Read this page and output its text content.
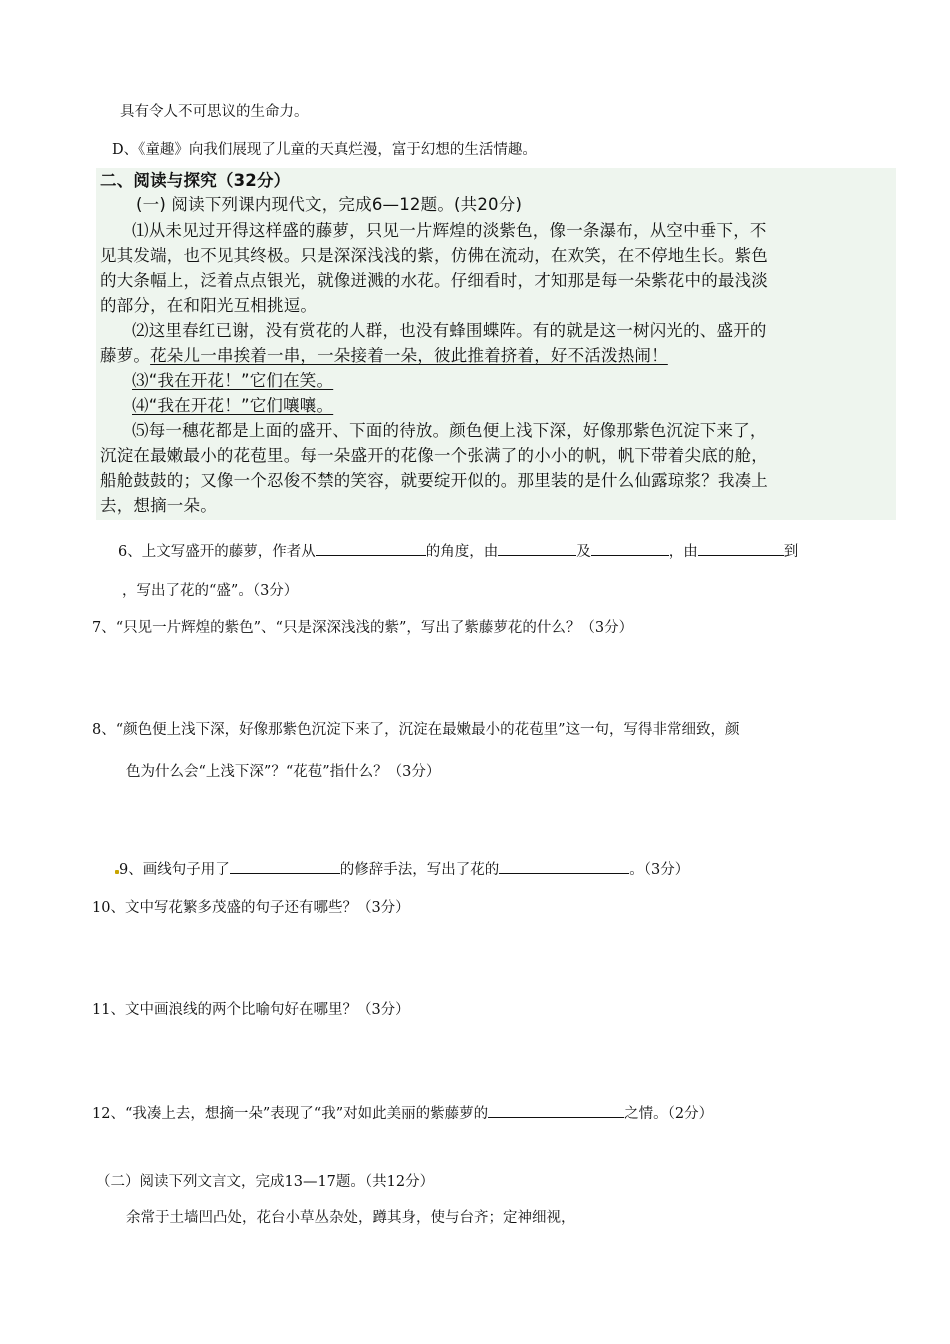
具有令人不可思议的生命力。
D、《童趣》向我们展现了儿童的天真烂漫，富于幻想的生活情趣。
二、阅读与探究（32分）
(一) 阅读下列课内现代文，完成6—12题。(共20分)
⑴从未见过开得这样盛的藤萝，只见一片辉煌的淡紫色，像一条瀑布，从空中垂下，不
见其发端，也不见其终极。只是深深浅浅的紫，仿佛在流动，在欢笑，在不停地生长。紫色
的大条幅上，泛着点点银光，就像迸溅的水花。仔细看时，才知那是每一朵紫花中的最浅淡
的部分，在和阳光互相挑逗。
⑵这里春红已谢，没有赏花的人群，也没有蜂围蝶阵。有的就是这一树闪光的、盛开的
藤萝。花朵儿一串挨着一串，一朵接着一朵，彼此推着挤着，好不活泼热闹！
⑶“我在开花！”它们在笑。
⑷“我在开花！”它们嚷嚷。
⑸每一穗花都是上面的盛开、下面的待放。颜色便上浅下深，好像那紫色沉淀下来了，
沉淀在最嫩最小的花苞里。每一朵盛开的花像一个张满了的小小的帆，帆下带着尖底的舱，
船舱鼓鼓的；又像一个忍俊不禁的笑容，就要绽开似的。那里装的是什么仙露琼浆？我凑上
去，想摘一朵。
6、上文写盛开的藤萝，作者从	的角度，由	及	，由	到
，写出了花的“盛”。（3分）
7、“只见一片辉煌的紫色”、“只是深深浅浅的紫”，写出了紫藤萝花的什么？（3分）
8、“颜色便上浅下深，好像那紫色沉淀下来了，沉淀在最嫩最小的花苞里”这一句，写得非常细致，颜
色为什么会“上浅下深”？“花苞”指什么？（3分）
9、画线句子用了	的修辞手法，写出了花的	。（3分）
10、文中写花繁多茂盛的句子还有哪些？（3分）
11、文中画浪线的两个比喻句好在哪里？（3分）
12、“我凑上去，想摘一朵”表现了“我”对如此美丽的紫藤萝的	之情。（2分）
（二）阅读下列文言文，完成13—17题。（共12分）
余常于土墙凹凸处，花台小草丛杂处，蹲其身，使与台齐；定神细视，
